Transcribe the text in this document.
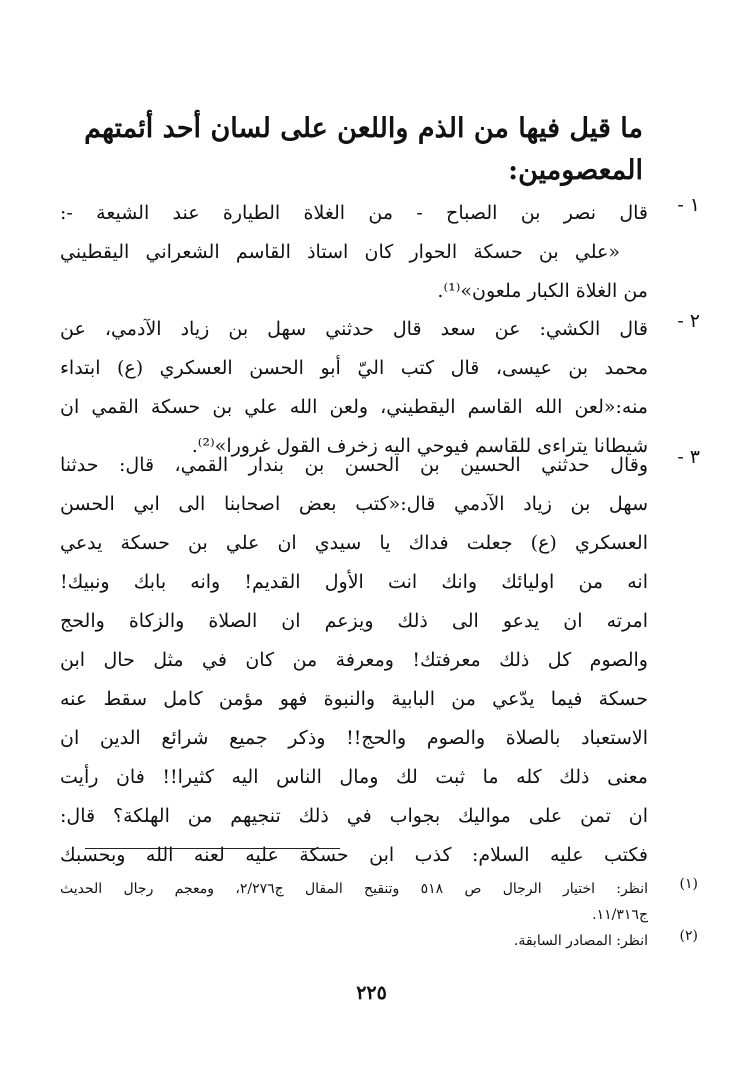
ما قيل فيها من الذم واللعن على لسان أحد أئمتهم
المعصومين:
١ -
قال نصر بن الصباح - من الغلاة الطيارة عند الشيعة -:
«علي بن حسكة الحوار كان استاذ القاسم الشعراني اليقطيني
من الغلاة الكبار ملعون»⁽¹⁾.
٢ -
قال الكشي: عن سعد قال حدثني سهل بن زياد الآدمي، عن
محمد بن عيسى، قال كتب اليّ أبو الحسن العسكري (ع) ابتداء
منه:«لعن الله القاسم اليقطيني، ولعن الله علي بن حسكة القمي ان
شيطانا يتراءى للقاسم فيوحي اليه زخرف القول غرورا»⁽²⁾.	٣ -
وقال حدثني الحسين بن الحسن بن بندار القمي، قال: حدثنا
سهل بن زياد الآدمي قال:«كتب بعض اصحابنا الى ابي الحسن
العسكري (ع) جعلت فداك يا سيدي ان علي بن حسكة يدعي
انه من اوليائك وانك انت الأول القديم! وانه بابك ونبيك!
امرته ان يدعو الى ذلك ويزعم ان الصلاة والزكاة والحج
والصوم كل ذلك معرفتك! ومعرفة من كان في مثل حال ابن
حسكة فيما يدّعي من البابية والنبوة فهو مؤمن كامل سقط عنه
الاستعباد بالصلاة والصوم والحج!! وذكر جميع شرائع الدين ان
معنى ذلك كله ما ثبت لك ومال الناس اليه كثيرا!! فان رأيت
ان تمن على مواليك بجواب في ذلك تنجيهم من الهلكة؟ قال:
فكتب عليه السلام: كذب ابن حسكة عليه لعنه الله وبحسبك
(١)
انظر: اختيار الرجال ص ٥١٨ وتنقيح المقال ج٢/٢٧٦، ومعجم رجال الحديث
ج١١/٣١٦.
(٢)
انظر: المصادر السابقة.
٢٢٥
